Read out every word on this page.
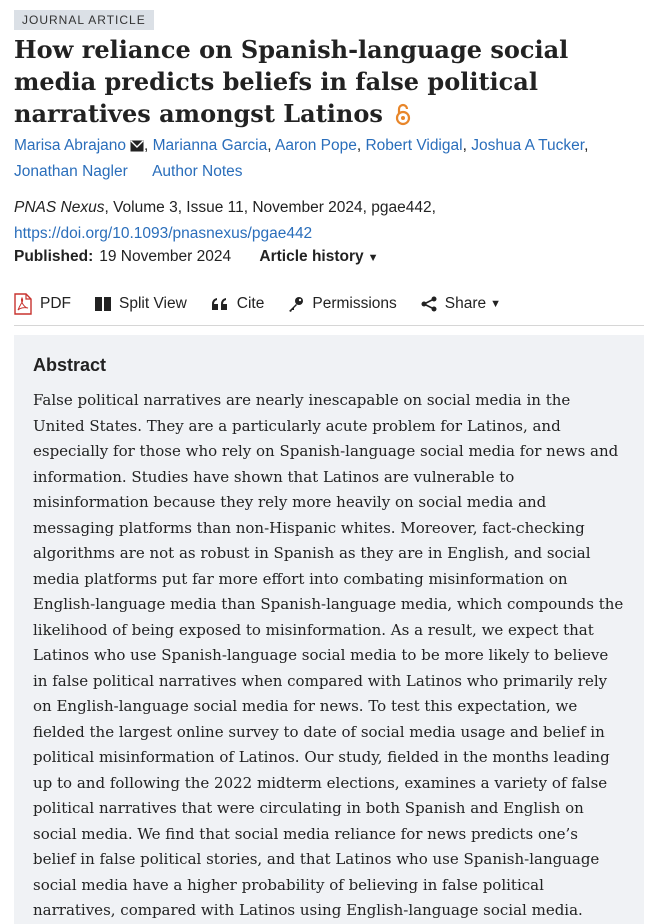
JOURNAL ARTICLE
How reliance on Spanish-language social media predicts beliefs in false political narratives amongst Latinos
Marisa Abrajano , Marianna Garcia, Aaron Pope, Robert Vidigal, Joshua A Tucker,
Jonathan Nagler Author Notes
PNAS Nexus, Volume 3, Issue 11, November 2024, pgae442,
https://doi.org/10.1093/pnasnexus/pgae442
Published: 19 November 2024 Article history ▼
PDF	Split View	Cite	Permissions	Share ▼
Abstract

False political narratives are nearly inescapable on social media in the United States. They are a particularly acute problem for Latinos, and especially for those who rely on Spanish-language social media for news and information. Studies have shown that Latinos are vulnerable to misinformation because they rely more heavily on social media and messaging platforms than non-Hispanic whites. Moreover, fact-checking algorithms are not as robust in Spanish as they are in English, and social media platforms put far more effort into combating misinformation on English-language media than Spanish-language media, which compounds the likelihood of being exposed to misinformation. As a result, we expect that Latinos who use Spanish-language social media to be more likely to believe in false political narratives when compared with Latinos who primarily rely on English-language social media for news. To test this expectation, we fielded the largest online survey to date of social media usage and belief in political misinformation of Latinos. Our study, fielded in the months leading up to and following the 2022 midterm elections, examines a variety of false political narratives that were circulating in both Spanish and English on social media. We find that social media reliance for news predicts one’s belief in false political stories, and that Latinos who use Spanish-language social media have a higher probability of believing in false political narratives, compared with Latinos using English-language social media.
